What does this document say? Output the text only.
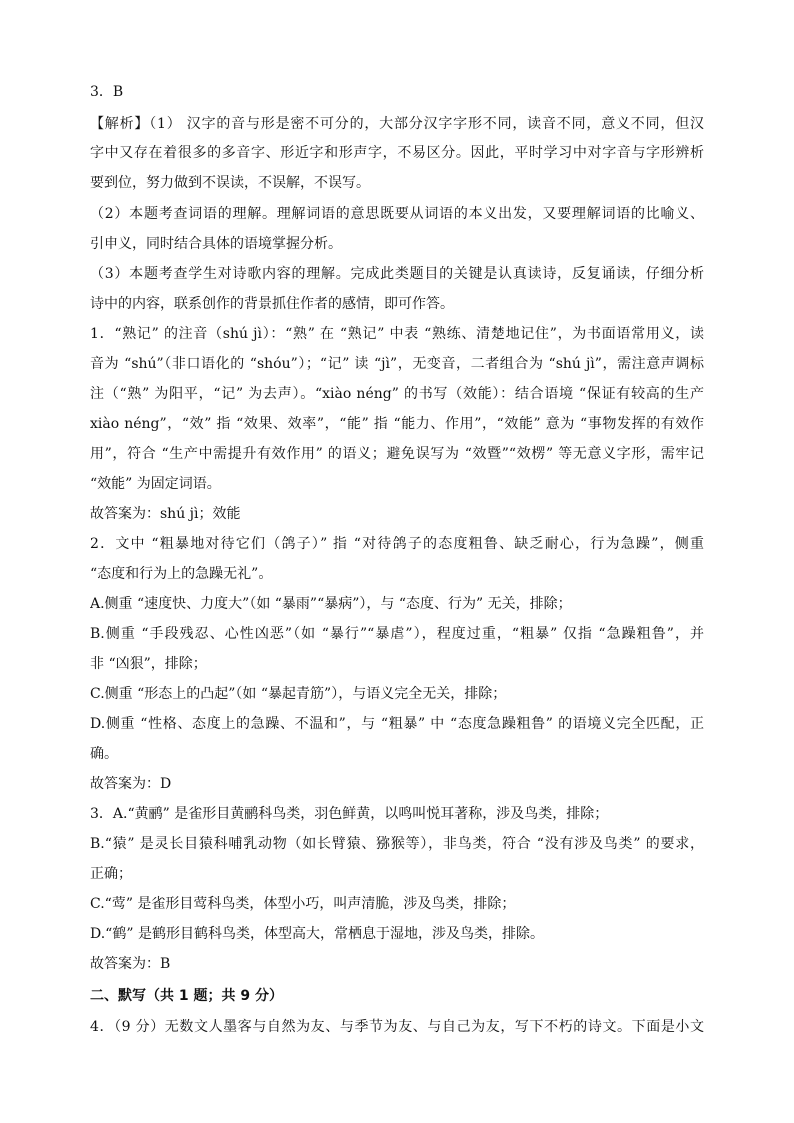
3．B
【解析】（1） 汉字的音与形是密不可分的，大部分汉字字形不同，读音不同，意义不同，但汉
字中又存在着很多的多音字、形近字和形声字，不易区分。因此，平时学习中对字音与字形辨析
要到位，努力做到不误读，不误解，不误写。
（2）本题考查词语的理解。理解词语的意思既要从词语的本义出发，又要理解词语的比喻义、
引申义，同时结合具体的语境掌握分析。
（3）本题考查学生对诗歌内容的理解。完成此类题目的关键是认真读诗，反复诵读，仔细分析
诗中的内容，联系创作的背景抓住作者的感情，即可作答。
1．“熟记” 的注音（shú jì）：“熟” 在 “熟记” 中表 “熟练、清楚地记住”，为书面语常用义，读
音为 “shú”（非口语化的 “shóu”）；“记” 读 “jì”，无变音，二者组合为 “shú jì”，需注意声调标
注（“熟” 为阳平，“记” 为去声）。“xiào néng” 的书写（效能）：结合语境 “保证有较高的生产
xiào néng”，“效” 指 “效果、效率”，“能” 指 “能力、作用”，“效能” 意为 “事物发挥的有效作
用”，符合 “生产中需提升有效作用” 的语义；避免误写为 “效暨”“效楞” 等无意义字形，需牢记
“效能” 为固定词语。
故答案为：shú jì；效能
2．文中 “粗暴地对待它们（鸽子）” 指 “对待鸽子的态度粗鲁、缺乏耐心，行为急躁”，侧重
“态度和行为上的急躁无礼”。
A.侧重 “速度快、力度大”（如 “暴雨”“暴病”），与 “态度、行为” 无关，排除；
B.侧重 “手段残忍、心性凶恶”（如 “暴行”“暴虐”），程度过重，“粗暴” 仅指 “急躁粗鲁”，并
非 “凶狠”，排除；
C.侧重 “形态上的凸起”（如 “暴起青筋”），与语义完全无关，排除；
D.侧重 “性格、态度上的急躁、不温和”，与 “粗暴” 中 “态度急躁粗鲁” 的语境义完全匹配，正
确。
故答案为：D
3．A.“黄鹂” 是雀形目黄鹂科鸟类，羽色鲜黄，以鸣叫悦耳著称，涉及鸟类，排除；
B.“猿” 是灵长目猿科哺乳动物（如长臂猿、猕猴等），非鸟类，符合 “没有涉及鸟类” 的要求，
正确；
C.“莺” 是雀形目莺科鸟类，体型小巧，叫声清脆，涉及鸟类，排除；
D.“鹤” 是鹤形目鹤科鸟类，体型高大，常栖息于湿地，涉及鸟类，排除。
故答案为：B
二、默写（共 1 题；共 9 分）
4．（9 分）无数文人墨客与自然为友、与季节为友、与自己为友，写下不朽的诗文。下面是小文
